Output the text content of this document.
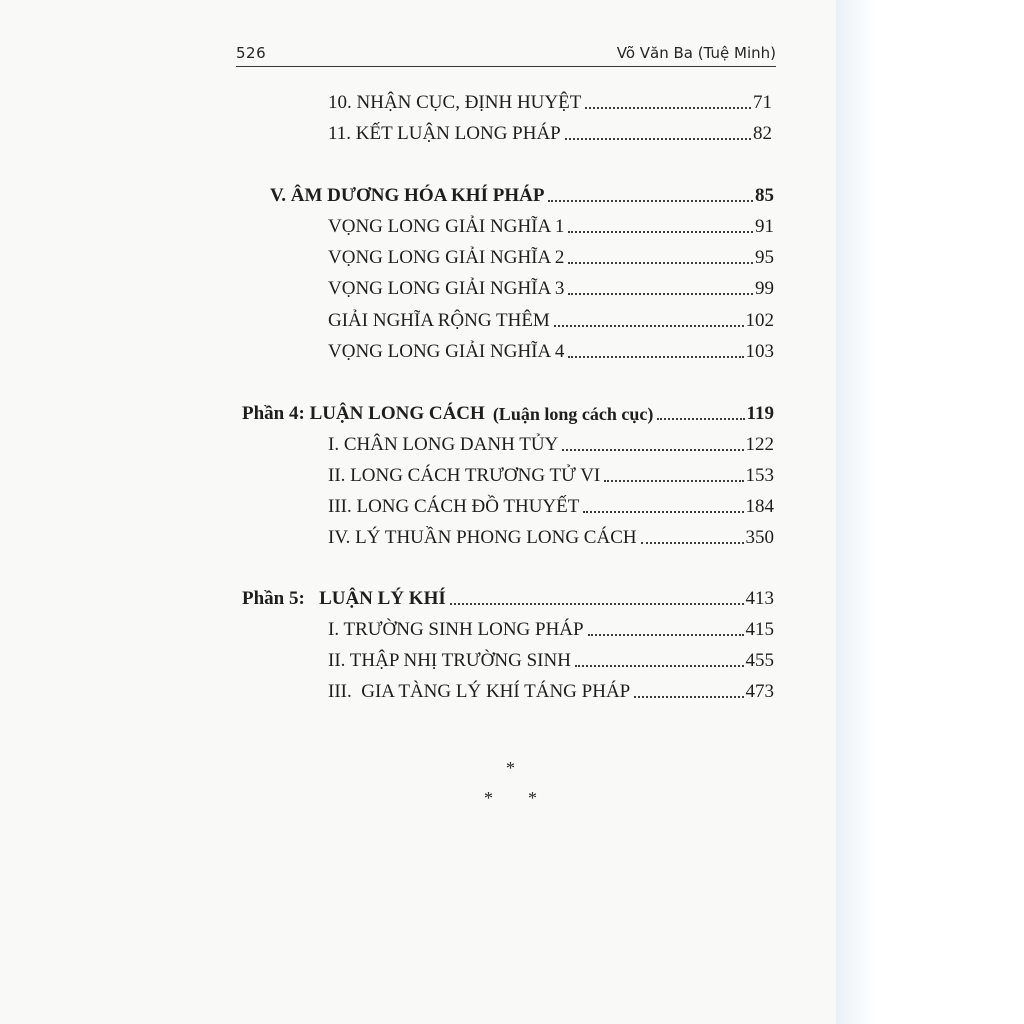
526	Võ Văn Ba (Tuệ Minh)
10. NHẬN CỤC, ĐỊNH HUYỆT	71
11. KẾT LUẬN LONG PHÁP	82
V. ÂM DƯƠNG HÓA KHÍ PHÁP	85
VỌNG LONG GIẢI NGHĨA 1	91
VỌNG LONG GIẢI NGHĨA 2	95
VỌNG LONG GIẢI NGHĨA 3	99
GIẢI NGHĨA RỘNG THÊM	102
VỌNG LONG GIẢI NGHĨA 4	103
Phần 4: LUẬN LONG CÁCH (Luận long cách cục)	119
I. CHÂN LONG DANH TỦY	122
II. LONG CÁCH TRƯƠNG TỬ VI	153
III. LONG CÁCH ĐỒ THUYẾT	184
IV. LÝ THUẦN PHONG LONG CÁCH	350
Phần 5:   LUẬN LÝ KHÍ	413
I. TRƯỜNG SINH LONG PHÁP	415
II. THẬP NHỊ TRƯỜNG SINH	455
III.  GIA TÀNG LÝ KHÍ TÁNG PHÁP	473
*
* *
